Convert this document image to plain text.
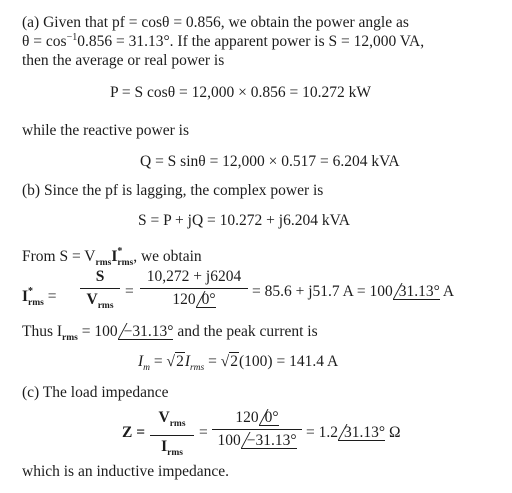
(a) Given that pf = cosθ = 0.856, we obtain the power angle as
$\theta = \cos^{-1}0.856 = 31.13^\circ$. If the apparent power is S = 12,000 VA,
then the average or real power is
P = S cosθ = 12,000 × 0.856 = 10.272 kW
while the reactive power is
Q = S sinθ = 12,000 × 0.517 = 6.204 kVA
(b) Since the pf is lagging, the complex power is
S = P + jQ = 10.272 + j6.204 kVA
From $S = V_{rms}I^*_{rms}$, we obtain
$I^*_{rms}$ =
S
$V_{rms}$
=
10,272 + j6204
120 0°	= 85.6 + j51.7 A = 100 31.13° A
Thus $I_{rms} = 100 -31.13^\circ$ and the peak current is
$I_m = √2I_{rms} = √2(100) = 141.4$ A
(c) The load impedance
Z =
$V_{rms}$
$I_{rms}$
=
120 0°
100 −31.13° = 1.2 31.13° Ω
which is an inductive impedance.
